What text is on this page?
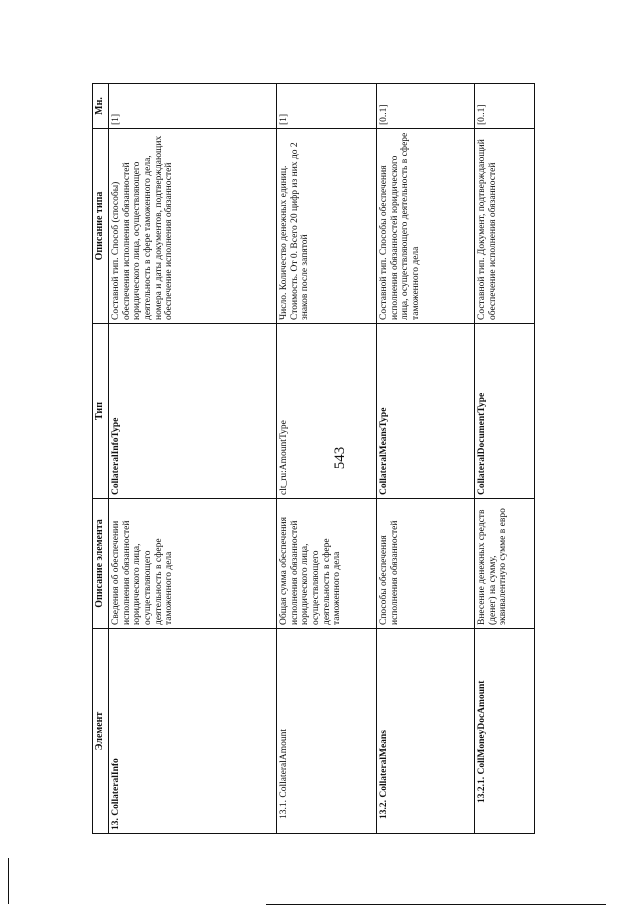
543
Элемент	Описание элемента	Тип	Описание типа	Мн.
13. CollateralInfo	Сведения об обеспечении исполнения обязанностей юридического лица, осуществляющего деятельность в сфере таможенного дела	CollateralInfoType	Составной тип. Способ (способы) обеспечения исполнения обязанностей юридического лица, осуществляющего деятельность в сфере таможенного дела, номера и даты документов, подтверждающих обеспечение исполнения обязанностей	[1]
13.1. CollateralAmount	Общая сумма обеспечения исполнения обязанностей юридического лица, осуществляющего деятельность в сфере таможенного дела	clt_ru:AmountType	Число. Количество денежных единиц. Стоимость. От 0. Всего 20 цифр из них до 2 знаков после запятой	[1]
13.2. CollateralMeans	Способы обеспечения исполнения обязанностей	CollateralMeansType	Составной тип. Способы обеспечения исполнения обязанностей юридического лица, осуществляющего деятельность в сфере таможенного дела	[0..1]
13.2.1. CollMoneyDocAmount	Внесение денежных средств (денег) на сумму, эквивалентную сумме в евро	CollateralDocumentType	Составной тип. Документ, подтверждающий обеспечение исполнения обязанностей	[0..1]
